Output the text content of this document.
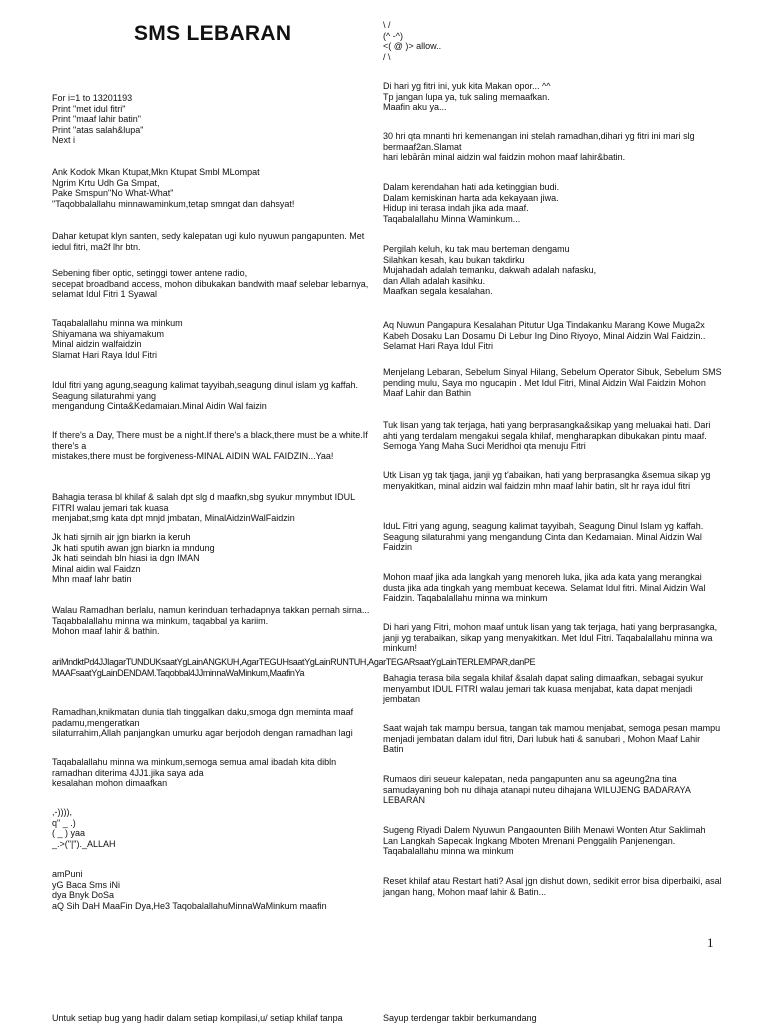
SMS LEBARAN

For i=1 to 13201193
Print "met idul fitri"
Print "maaf lahir batin"
Print "atas salah&lupa"
Next i

Ank Kodok Mkan Ktupat,Mkn Ktupat Smbl MLompat
Ngrim Krtu Udh Ga Smpat,
Pake Smspun"No What-What"
"Taqobbalallahu minnawaminkum,tetap smngat dan dahsyat!

Dahar ketupat klyn santen, sedy kalepatan ugi kulo nyuwun pangapunten. Met iedul fitri, ma2f lhr btn.

Sebening fiber optic, setinggi tower antene radio,
secepat broadband access, mohon dibukakan bandwith maaf selebar lebarnya,
selamat Idul Fitri 1 Syawal

Taqabalallahu minna wa minkum
Shiyamana wa shiyamakum
Minal aidzin walfaidzin
Slamat Hari Raya Idul Fitri

Idul fitri yang agung,seagung kalimat tayyibah,seagung dinul islam yg kaffah. Seagung silaturahmi yang
mengandung Cinta&Kedamaian.Minal Aidin Wal faizin

If there's a Day, There must be a night.If there's a black,there must be a white.If there's a
mistakes,there must be forgiveness-MINAL AIDIN WAL FAIDZIN...Yaa!

Bahagia terasa bl khilaf & salah dpt slg d maafkn,sbg syukur mnymbut IDUL FITRI walau jemari tak kuasa
menjabat,smg kata dpt mnjd jmbatan, MinalAidzinWalFaidzin

Jk hati sjrnih air jgn biarkn ia keruh
Jk hati sputih awan jgn biarkn ia mndung
Jk hati seindah bln hiasi ia dgn IMAN
Minal aidin wal Faidzn
Mhn maaf lahr batin

Walau Ramadhan berlalu, namun kerinduan terhadapnya takkan pernah sirna...
Taqabbalallahu minna wa minkum, taqabbal ya kariim.
Mohon maaf lahir & bathin.

ariMndktPd4JJIagarTUNDUKsaatYgLainANGKUH,AgarTEGUHsaatYgLainRUNTUH,AgarTEGARsaatYgLainTERLEMPAR,danPE
MAAFsaatYgLainDENDAM.Taqobbal4JJminnaWaMinkum,MaafinYa

Ramadhan,knikmatan dunia tlah tinggalkan daku,smoga dgn meminta maaf padamu,mengeratkan
silaturrahim,Allah panjangkan umurku agar berjodoh dengan ramadhan lagi

Taqabalallahu minna wa minkum,semoga semua amal ibadah kita dibln ramadhan diterima 4JJ1.jika saya ada
kesalahan mohon dimaafkan

,-)))),
q" _ .)
( _ ) yaa
_.>("|")._ALLAH

amPuni
yG Baca Sms iNi
dya Bnyk DoSa
aQ Sih DaH MaaFin Dya,He3 TaqobalallahuMinnaWaMinkum maafin

\ /
(^ -^)
<( @ )> allow..
/ \

Di hari yg fitri ini, yuk kita Makan opor... ^^
Tp jangan lupa ya, tuk saling memaafkan.
Maafin aku ya...

30 hri qta mnanti hri kemenangan ini stelah ramadhan,dihari yg fitri ini mari slg bermaaf2an.Slamat
hari lebārān minal aidzin wal faidzin mohon maaf lahir&batin.

Dalam kerendahan hati ada ketinggian budi.
Dalam kemiskinan harta ada kekayaan jiwa.
Hidup ini terasa indah jika ada maaf.
Taqabalallahu Minna Waminkum...

Pergilah keluh, ku tak mau berteman dengamu
Silahkan kesah, kau bukan takdirku
Mujahadah adalah temanku, dakwah adalah nafasku,
dan Allah adalah kasihku.
Maafkan segala kesalahan.

Aq Nuwun Pangapura Kesalahan Pitutur Uga Tindakanku Marang Kowe Muga2x Kabeh Dosaku Lan Dosamu Di Lebur Ing Dino Riyoyo, Minal Aidzin Wal Faidzin.. Selamat Hari Raya Idul Fitri

Menjelang Lebaran, Sebelum Sinyal Hilang, Sebelum Operator Sibuk, Sebelum SMS pending mulu, Saya mo ngucapin . Met Idul Fitri, Minal Aidzin Wal Faidzin Mohon Maaf Lahir dan Bathin

Tuk lisan yang tak terjaga, hati yang berprasangka&sikap yang meluakai hati. Dari ahti yang terdalam mengakui segala khilaf, mengharapkan dibukakan pintu maaf. Semoga Yang Maha Suci Meridhoi qta menuju Fitri

Utk Lisan yg tak tjaga, janji yg t'abaikan, hati yang berprasangka &semua sikap yg menyakitkan, minal aidzin wal faidzin mhn maaf lahir batin, slt hr raya idul fitri

IduL Fitri yang agung, seagung kalimat tayyibah, Seagung Dinul Islam yg kaffah. Seagung silaturahmi yang mengandung Cinta dan Kedamaian. Minal Aidzin Wal Faidzin

Mohon maaf jika ada langkah yang menoreh luka, jika ada kata yang merangkai dusta jika ada tingkah yang membuat kecewa. Selamat Idul fitri. Minal Aidzin Wal Faidzin. Taqabalallahu minna wa minkum

Di hari yang Fitri, mohon maaf untuk lisan yang tak terjaga, hati yang berprasangka, janji yg terabaikan, sikap yang menyakitkan. Met Idul Fitri. Taqabalallahu minna wa minkum!

Bahagia terasa bila segala khilaf &salah dapat saling dimaafkan, sebagai syukur menyambut IDUL FITRI walau jemari tak kuasa menjabat, kata dapat menjadi jembatan

Saat wajah tak mampu bersua, tangan tak mamou menjabat, semoga pesan mampu menjadi jembatan dalam idul fitri, Dari lubuk hati & sanubari , Mohon Maaf Lahir Batin

Rumaos diri seueur kalepatan, neda pangapunten anu sa ageung2na tina samudayaning boh nu dihaja atanapi nuteu dihajana WILUJENG BADARAYA LEBARAN

Sugeng Riyadi Dalem Nyuwun Pangaounten Bilih Menawi Wonten Atur Saklimah Lan Langkah Sapecak Ingkang Mboten Mrenani Penggalih Panjenengan. Taqabalallahu minna wa minkum

Reset khilaf atau Restart hati? Asal jgn dishut down, sedikit error bisa diperbaiki, asal jangan hang, Mohon maaf lahir & Batin...

1
Untuk setiap bug yang hadir dalam setiap kompilasi,u/ setiap khilaf tanpa	Sayup terdengar takbir berkumandang
